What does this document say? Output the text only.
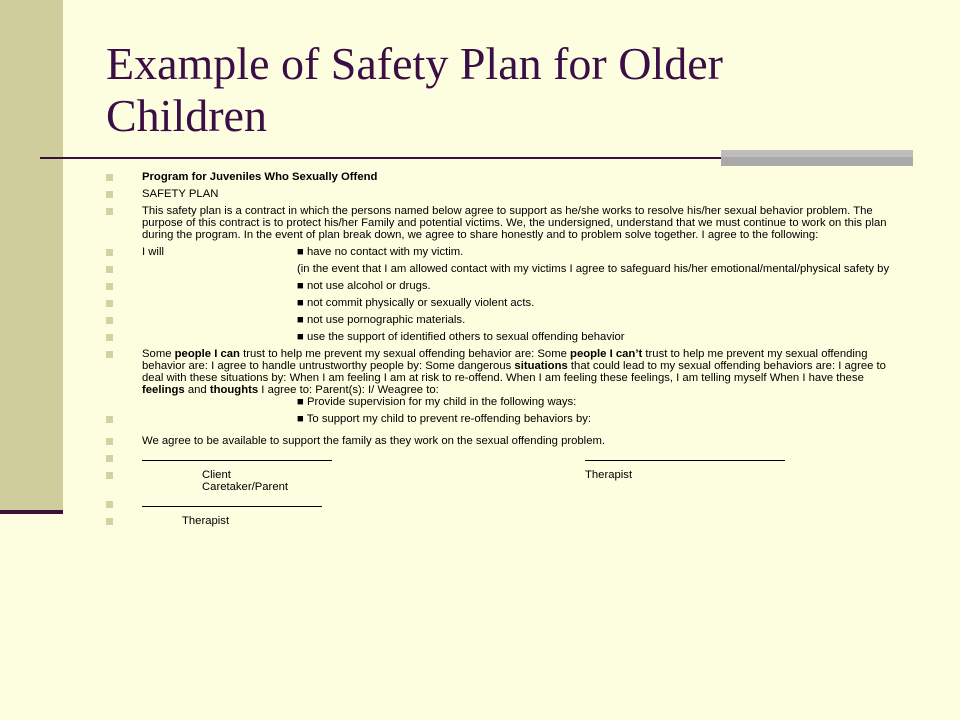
Example of Safety Plan for Older
Children
Program for Juveniles Who Sexually Offend
SAFETY PLAN
This safety plan is a contract in which the persons named below agree to support as he/she works to resolve his/her sexual behavior problem. The purpose of this contract is to protect his/her Family and potential victims. We, the undersigned, understand that we must continue to work on this plan during the program. In the event of plan break down, we agree to share honestly and to problem solve together. I agree to the following:
I will	■ have no contact with my victim.
(in the event that I am allowed contact with my victims I agree to safeguard his/her emotional/mental/physical safety by
■ not use alcohol or drugs.
■ not commit physically or sexually violent acts.
■ not use pornographic materials.
■ use the support of identified others to sexual offending behavior
Some people I can trust to help me prevent my sexual offending behavior are: Some people I can’t trust to help me prevent my sexual offending behavior are: I agree to handle untrustworthy people by: Some dangerous situations that could lead to my sexual offending behaviors are: I agree to deal with these situations by: When I am feeling I am at risk to re-offend. When I am feeling these feelings, I am telling myself When I have these feelings and thoughts I agree to: Parent(s): I/ Weagree to:
■ Provide supervision for my child in the following ways:
■ To support my child to prevent re-offending behaviors by:
We agree to be available to support the family as they work on the sexual offending problem.
Client	Therapist
Caretaker/Parent
Therapist
